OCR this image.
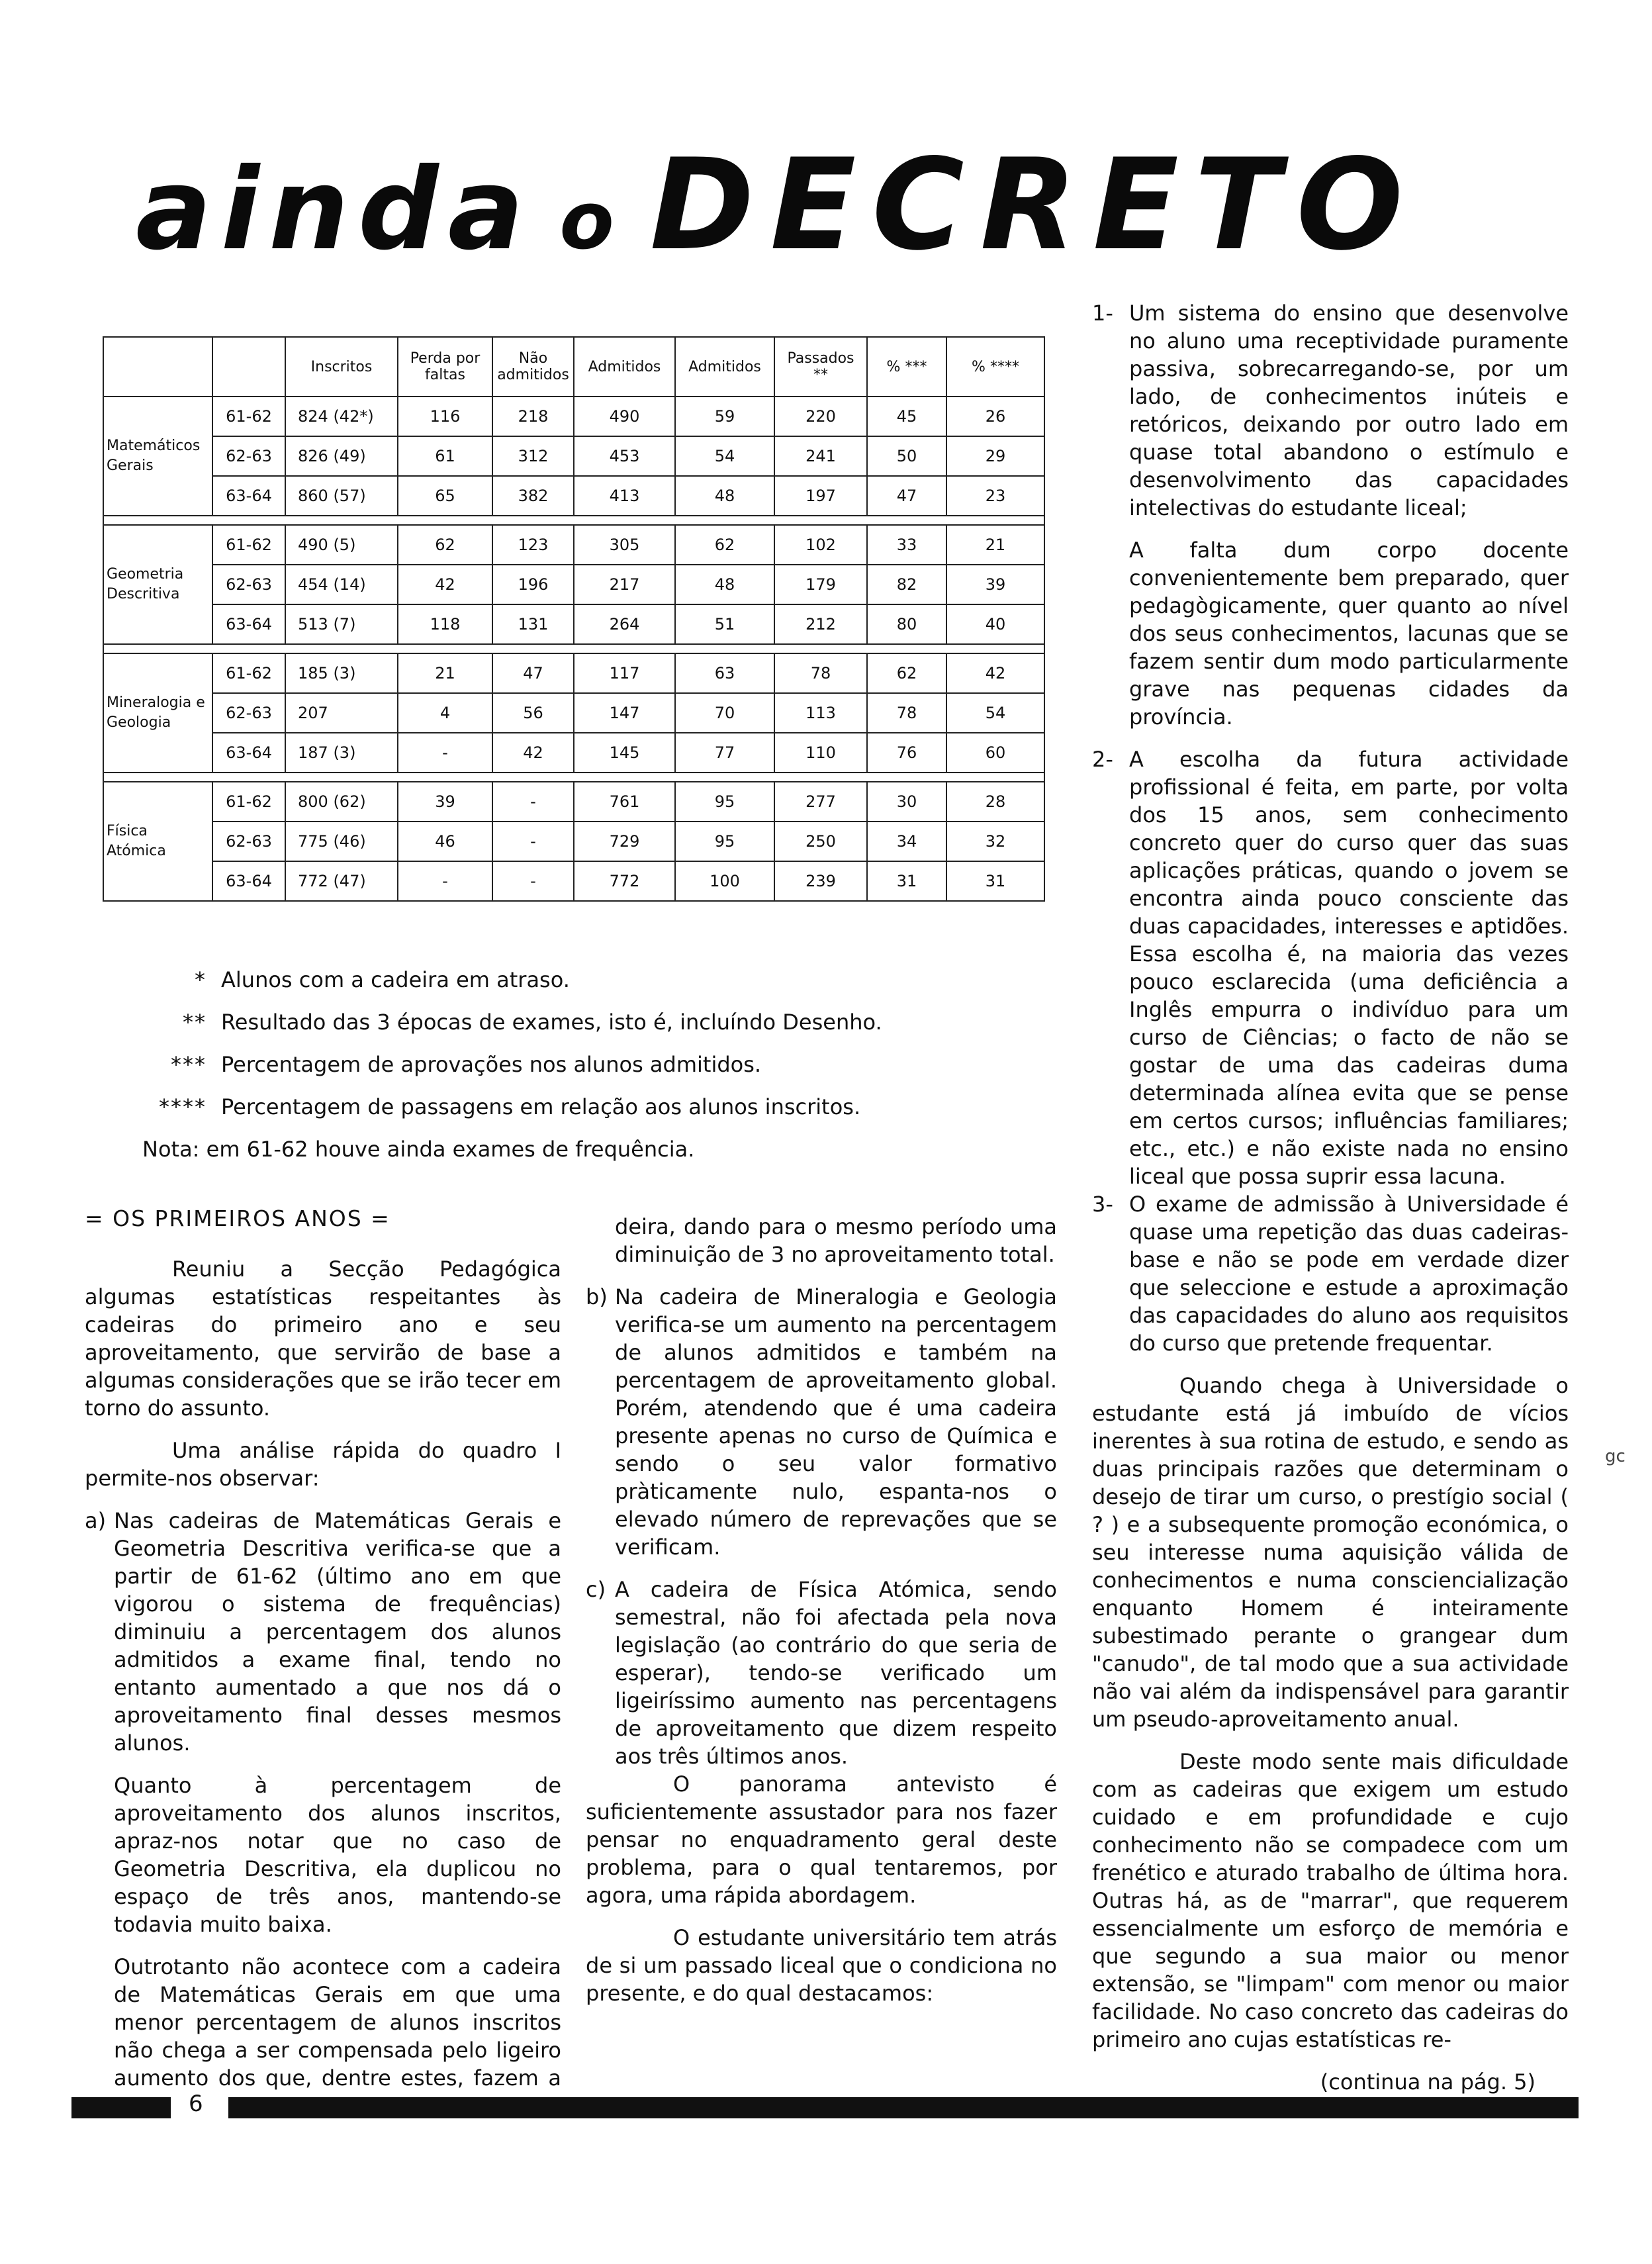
ainda o DECRETO
		Inscritos	Perda por faltas	Não admitidos	Admitidos	Admitidos	Passados **	% ***	% ****
Matemáticos Gerais	61-62	824 (42*)	116	218	490	59	220	45	26
	62-63	826 (49)	61	312	453	54	241	50	29
	63-64	860 (57)	65	382	413	48	197	47	23

Geometria Descritiva	61-62	490 (5)	62	123	305	62	102	33	21
	62-63	454 (14)	42	196	217	48	179	82	39
	63-64	513 (7)	118	131	264	51	212	80	40

Mineralogia e Geologia	61-62	185 (3)	21	47	117	63	78	62	42
	62-63	207	4	56	147	70	113	78	54
	63-64	187 (3)	-	42	145	77	110	76	60

Física Atómica	61-62	800 (62)	39	-	761	95	277	30	28
	62-63	775 (46)	46	-	729	95	250	34	32
	63-64	772 (47)	-	-	772	100	239	31	31
* Alunos com a cadeira em atraso.
** Resultado das 3 épocas de exames, isto é, incluíndo Desenho.
*** Percentagem de aprovações nos alunos admitidos.
**** Percentagem de passagens em relação aos alunos inscritos.
Nota: em 61-62 houve ainda exames de frequência.

= OS PRIMEIROS ANOS =

Reuniu a Secção Pedagógica algumas estatísticas respeitantes às cadeiras do primeiro ano e seu aproveitamento, que servirão de base a algumas considerações que se irão tecer em torno do assunto.

Uma análise rápida do quadro I permite-nos observar:

a) Nas cadeiras de Matemáticas Gerais e Geometria Descritiva verifica-se que a partir de 61-62 (último ano em que vigorou o sistema de frequências) diminuiu a percentagem dos alunos admitidos a exame final, tendo no entanto aumentado a que nos dá o aproveitamento final desses mesmos alunos.

Quanto à percentagem de aproveitamento dos alunos inscritos, apraz-nos notar que no caso de Geometria Descritiva, ela duplicou no espaço de três anos, mantendo-se todavia muito baixa.

Outrotanto não acontece com a cadeira de Matemáticas Gerais em que uma menor percentagem de alunos inscritos não chega a ser compensada pelo ligeiro aumento dos que, dentre estes, fazem a

deira, dando para o mesmo período uma diminuição de 3 no aproveitamento total.

b) Na cadeira de Mineralogia e Geologia verifica-se um aumento na percentagem de alunos admitidos e também na percentagem de aproveitamento global. Porém, atendendo que é uma cadeira presente apenas no curso de Química e sendo o seu valor formativo pràticamente nulo, espanta-nos o elevado número de reprevações que se verificam.
c) A cadeira de Física Atómica, sendo semestral, não foi afectada pela nova legislação (ao contrário do que seria de esperar), tendo-se verificado um ligeiríssimo aumento nas percentagens de aproveitamento que dizem respeito aos três últimos anos.

O panorama antevisto é suficientemente assustador para nos fazer pensar no enquadramento geral deste problema, para o qual tentaremos, por agora, uma rápida abordagem.

O estudante universitário tem atrás de si um passado liceal que o condiciona no presente, e do qual destacamos:

1- Um sistema do ensino que desenvolve no aluno uma receptividade puramente passiva, sobrecarregando-se, por um lado, de conhecimentos inúteis e retóricos, deixando por outro lado em quase total abandono o estímulo e desenvolvimento das capacidades intelectivas do estudante liceal;

A falta dum corpo docente convenientemente bem preparado, quer pedagògicamente, quer quanto ao nível dos seus conhecimentos, lacunas que se fazem sentir dum modo particularmente grave nas pequenas cidades da província.

2- A escolha da futura actividade profissional é feita, em parte, por volta dos 15 anos, sem conhecimento concreto quer do curso quer das suas aplicações práticas, quando o jovem se encontra ainda pouco consciente das duas capacidades, interesses e aptidões. Essa escolha é, na maioria das vezes pouco esclarecida (uma deficiência a Inglês empurra o indivíduo para um curso de Ciências; o facto de não se gostar de uma das cadeiras duma determinada alínea evita que se pense em certos cursos; influências familiares; etc., etc.) e não existe nada no ensino liceal que possa suprir essa lacuna.
3- O exame de admissão à Universidade é quase uma repetição das duas cadeiras-base e não se pode em verdade dizer que seleccione e estude a aproximação das capacidades do aluno aos requisitos do curso que pretende frequentar.

Quando chega à Universidade o estudante está já imbuído de vícios inerentes à sua rotina de estudo, e sendo as duas principais razões que determinam o desejo de tirar um curso, o prestígio social ( ? ) e a subsequente promoção económica, o seu interesse numa aquisição válida de conhecimentos e numa consciencialização enquanto Homem é inteiramente subestimado perante o grangear dum "canudo", de tal modo que a sua actividade não vai além da indispensável para garantir um pseudo-aproveitamento anual.

Deste modo sente mais dificuldade com as cadeiras que exigem um estudo cuidado e em profundidade e cujo conhecimento não se compadece com um frenético e aturado trabalho de última hora. Outras há, as de "marrar", que requerem essencialmente um esforço de memória e que segundo a sua maior ou menor extensão, se "limpam" com menor ou maior facilidade. No caso concreto das cadeiras do primeiro ano cujas estatísticas re-

(continua na pág. 5)

6
gc
